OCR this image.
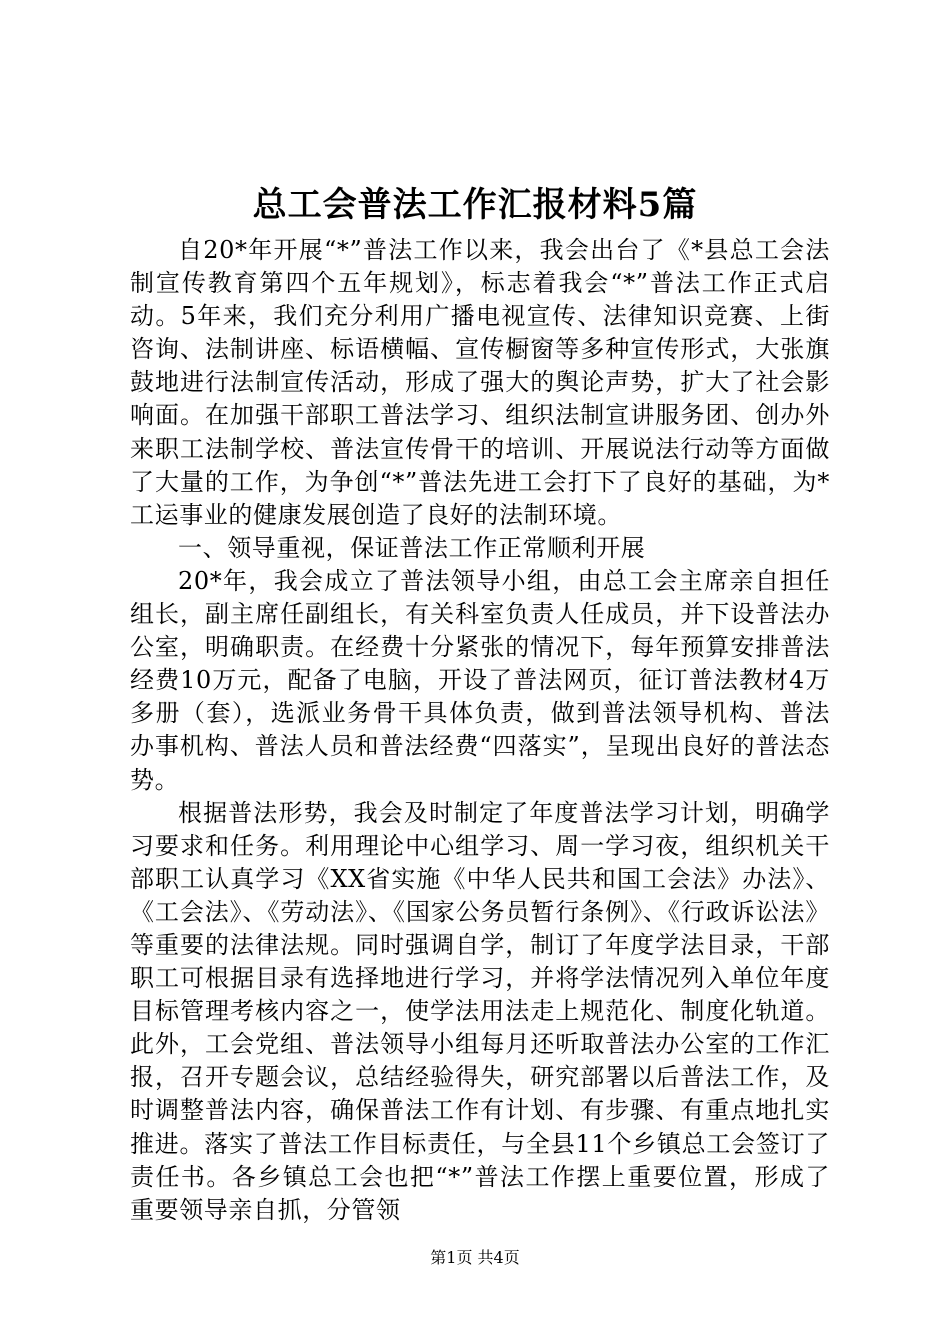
总工会普法工作汇报材料5篇

自20*年开展“*”普法工作以来，我会出台了《*县总工会法制宣传教育第四个五年规划》，标志着我会“*”普法工作正式启动。5年来，我们充分利用广播电视宣传、法律知识竞赛、上街咨询、法制讲座、标语横幅、宣传橱窗等多种宣传形式，大张旗鼓地进行法制宣传活动，形成了强大的舆论声势，扩大了社会影响面。在加强干部职工普法学习、组织法制宣讲服务团、创办外来职工法制学校、普法宣传骨干的培训、开展说法行动等方面做了大量的工作，为争创“*”普法先进工会打下了良好的基础，为*工运事业的健康发展创造了良好的法制环境。

一、领导重视，保证普法工作正常顺利开展

20*年，我会成立了普法领导小组，由总工会主席亲自担任组长，副主席任副组长，有关科室负责人任成员，并下设普法办公室，明确职责。在经费十分紧张的情况下，每年预算安排普法经费10万元，配备了电脑，开设了普法网页，征订普法教材4万多册（套），选派业务骨干具体负责，做到普法领导机构、普法办事机构、普法人员和普法经费“四落实”，呈现出良好的普法态势。

根据普法形势，我会及时制定了年度普法学习计划，明确学习要求和任务。利用理论中心组学习、周一学习夜，组织机关干部职工认真学习《XX省实施《中华人民共和国工会法》办法》、《工会法》、《劳动法》、《国家公务员暂行条例》、《行政诉讼法》等重要的法律法规。同时强调自学，制订了年度学法目录，干部职工可根据目录有选择地进行学习，并将学法情况列入单位年度目标管理考核内容之一，使学法用法走上规范化、制度化轨道。此外，工会党组、普法领导小组每月还听取普法办公室的工作汇报，召开专题会议，总结经验得失，研究部署以后普法工作，及时调整普法内容，确保普法工作有计划、有步骤、有重点地扎实推进。落实了普法工作目标责任，与全县11个乡镇总工会签订了责任书。各乡镇总工会也把“*”普法工作摆上重要位置，形成了重要领导亲自抓，分管领

第1页 共4页
